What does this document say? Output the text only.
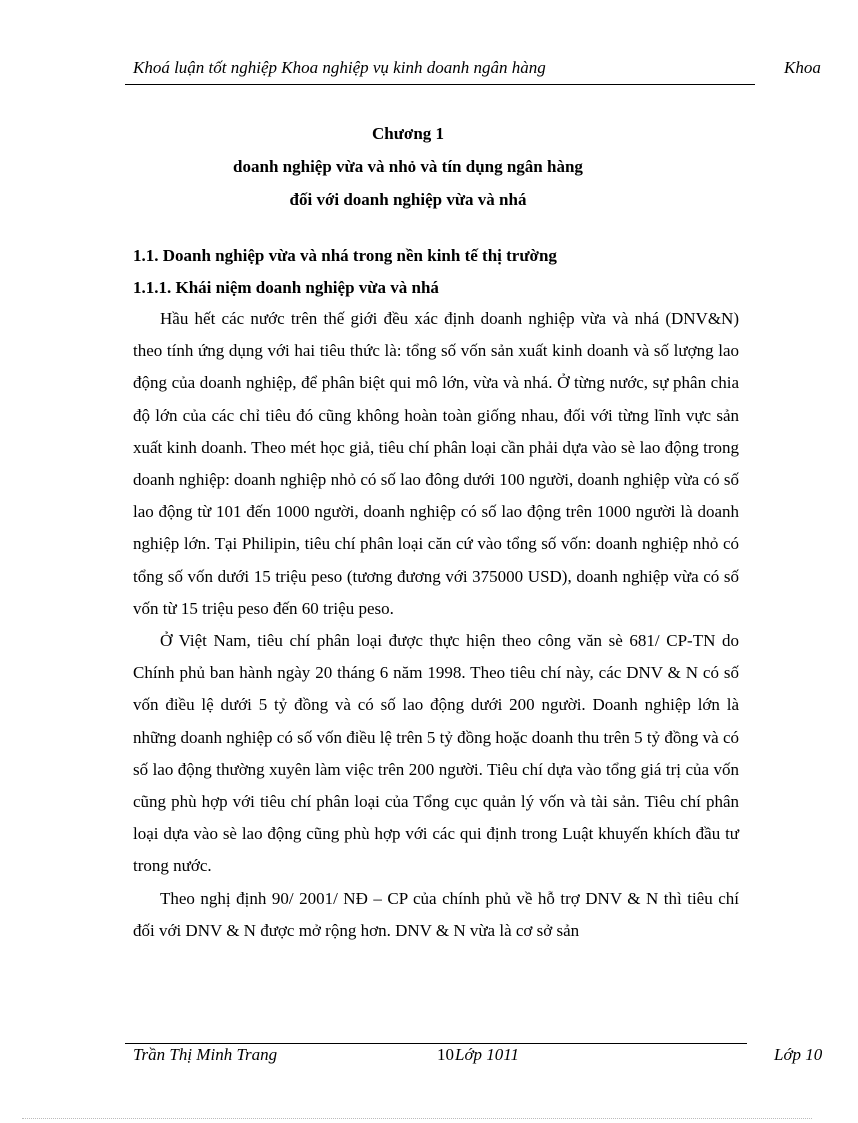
Khoá luận tốt nghiệp Khoa nghiệp vụ kinh doanh ngân hàng	Khoa
Chương 1
doanh nghiệp vừa và nhỏ và tín dụng ngân hàng
đối với doanh nghiệp vừa và nhá
1.1. Doanh nghiệp vừa và nhá trong nền kinh tế thị trường
1.1.1. Khái niệm doanh nghiệp vừa và nhá

Hầu hết các nước trên thế giới đều xác định doanh nghiệp vừa và nhá (DNV&N) theo tính ứng dụng với hai tiêu thức là: tổng số vốn sản xuất kinh doanh và số lượng lao động của doanh nghiệp, để phân biệt qui mô lớn, vừa và nhá. Ở từng nước, sự phân chia độ lớn của các chỉ tiêu đó cũng không hoàn toàn giống nhau, đối với từng lĩnh vực sản xuất kinh doanh. Theo mét học giả, tiêu chí phân loại cần phải dựa vào sè lao động trong doanh nghiệp: doanh nghiệp nhỏ có số lao đông dưới 100 người, doanh nghiệp vừa có số lao động từ 101 đến 1000 người, doanh nghiệp có số lao động trên 1000 người là doanh nghiệp lớn. Tại Philipin, tiêu chí phân loại căn cứ vào tổng số vốn: doanh nghiệp nhỏ có tổng số vốn dưới 15 triệu peso (tương đương với 375000 USD), doanh nghiệp vừa có số vốn từ 15 triệu peso đến 60 triệu peso.

Ở Việt Nam, tiêu chí phân loại được thực hiện theo công văn sè 681/ CP-TN do Chính phủ ban hành ngày 20 tháng 6 năm 1998. Theo tiêu chí này, các DNV & N có số vốn điều lệ dưới 5 tỷ đồng và có số lao động dưới 200 người. Doanh nghiệp lớn là những doanh nghiệp có số vốn điều lệ trên 5 tỷ đồng hoặc doanh thu trên 5 tỷ đồng và có số lao động thường xuyên làm việc trên 200 người. Tiêu chí dựa vào tổng giá trị của vốn cũng phù hợp với tiêu chí phân loại của Tổng cục quản lý vốn và tài sản. Tiêu chí phân loại dựa vào sè lao động cũng phù hợp với các qui định trong Luật khuyến khích đầu tư trong nước.

Theo nghị định 90/ 2001/ NĐ – CP của chính phủ về hỗ trợ DNV & N thì tiêu chí đối với DNV & N được mở rộng hơn. DNV & N vừa là cơ sở sản

Trần Thị Minh Trang	10 Lớp 1011	Lớp 10
